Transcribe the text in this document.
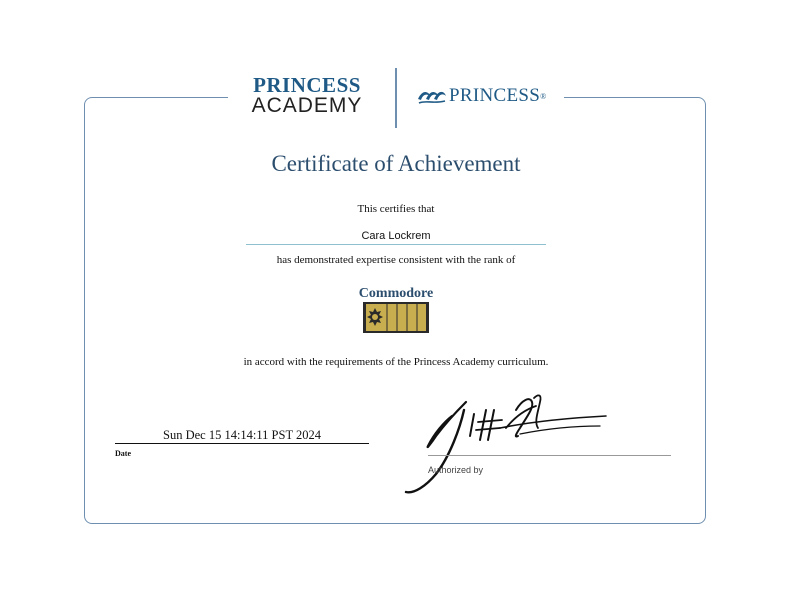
PRINCESS
ACADEMY	PRINCESS ®
Certificate of Achievement
This certifies that
Cara Lockrem
has demonstrated expertise consistent with the rank of
Commodore
in accord with the requirements of the Princess Academy curriculum.
Sun Dec 15 14:14:11 PST 2024
Date
Authorized by
